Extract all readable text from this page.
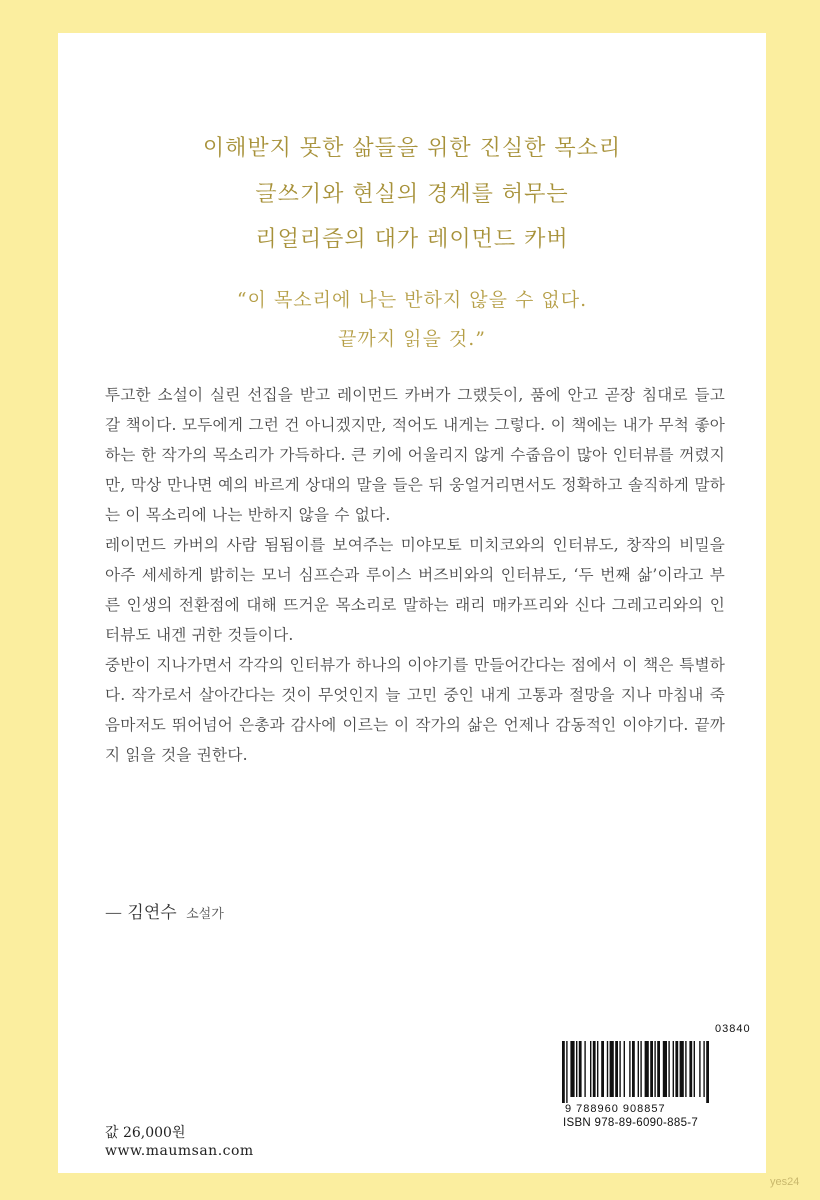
이해받지 못한 삶들을 위한 진실한 목소리
글쓰기와 현실의 경계를 허무는
리얼리즘의 대가 레이먼드 카버
“이 목소리에 나는 반하지 않을 수 없다.
끝까지 읽을 것.”

투고한 소설이 실린 선집을 받고 레이먼드 카버가 그랬듯이, 품에 안고 곧장 침대로 들고 갈 책이다. 모두에게 그런 건 아니겠지만, 적어도 내게는 그렇다. 이 책에는 내가 무척 좋아하는 한 작가의 목소리가 가득하다. 큰 키에 어울리지 않게 수줍음이 많아 인터뷰를 꺼렸지만, 막상 만나면 예의 바르게 상대의 말을 들은 뒤 웅얼거리면서도 정확하고 솔직하게 말하는 이 목소리에 나는 반하지 않을 수 없다.

레이먼드 카버의 사람 됨됨이를 보여주는 미야모토 미치코와의 인터뷰도, 창작의 비밀을 아주 세세하게 밝히는 모너 심프슨과 루이스 버즈비와의 인터뷰도, ‘두 번째 삶’이라고 부른 인생의 전환점에 대해 뜨거운 목소리로 말하는 래리 매카프리와 신다 그레고리와의 인터뷰도 내겐 귀한 것들이다.

중반이 지나가면서 각각의 인터뷰가 하나의 이야기를 만들어간다는 점에서 이 책은 특별하다. 작가로서 살아간다는 것이 무엇인지 늘 고민 중인 내게 고통과 절망을 지나 마침내 죽음마저도 뛰어넘어 은총과 감사에 이르는 이 작가의 삶은 언제나 감동적인 이야기다. 끝까지 읽을 것을 권한다.

— 김연수 소설가
값 26,000원
www.maumsan.com
03840
9 788960 908857
ISBN 978-89-6090-885-7
yes24
